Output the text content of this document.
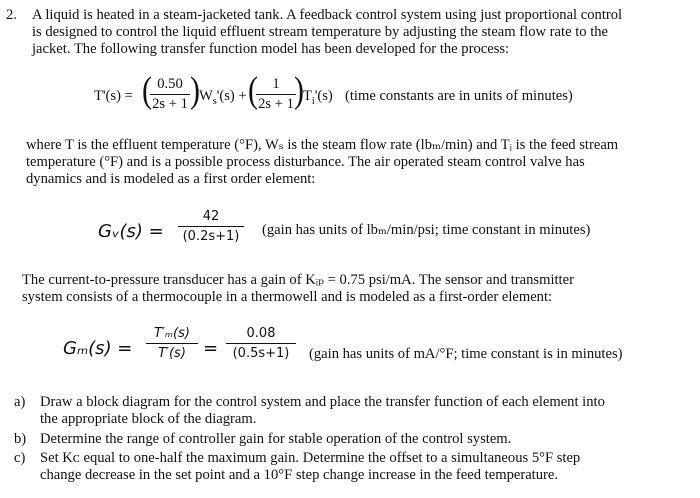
2. A liquid is heated in a steam-jacketed tank. A feedback control system using just proportional control
is designed to control the liquid effluent stream temperature by adjusting the steam flow rate to the
jacket. The following transfer function model has been developed for the process:
T'(s) = ( 0.50
2s + 1 ) $W_s'(s)$ + ( 1
2s + 1 ) $T_i'(s)$ (time constants are in units of minutes)
where T is the effluent temperature (°F), Wₛ is the steam flow rate (lbₘ/min) and Tᵢ is the feed stream
temperature (°F) and is a possible process disturbance. The air operated steam control valve has
dynamics and is modeled as a first order element:
Gᵥ(s) =
42
(0.2s+1)	(gain has units of lbₘ/min/psi; time constant in minutes)
The current-to-pressure transducer has a gain of Kᵢₚ = 0.75 psi/mA. The sensor and transmitter
system consists of a thermocouple in a thermowell and is modeled as a first-order element:
Gₘ(s) =
T′ₘ(s)
T′(s) =
0.08
(0.5s+1)	(gain has units of mA/°F; time constant is in minutes)
a) Draw a block diagram for the control system and place the transfer function of each element into
the appropriate block of the diagram.
b) Determine the range of controller gain for stable operation of the control system.
c) Set Kᴄ equal to one-half the maximum gain. Determine the offset to a simultaneous 5°F step
change decrease in the set point and a 10°F step change increase in the feed temperature.
